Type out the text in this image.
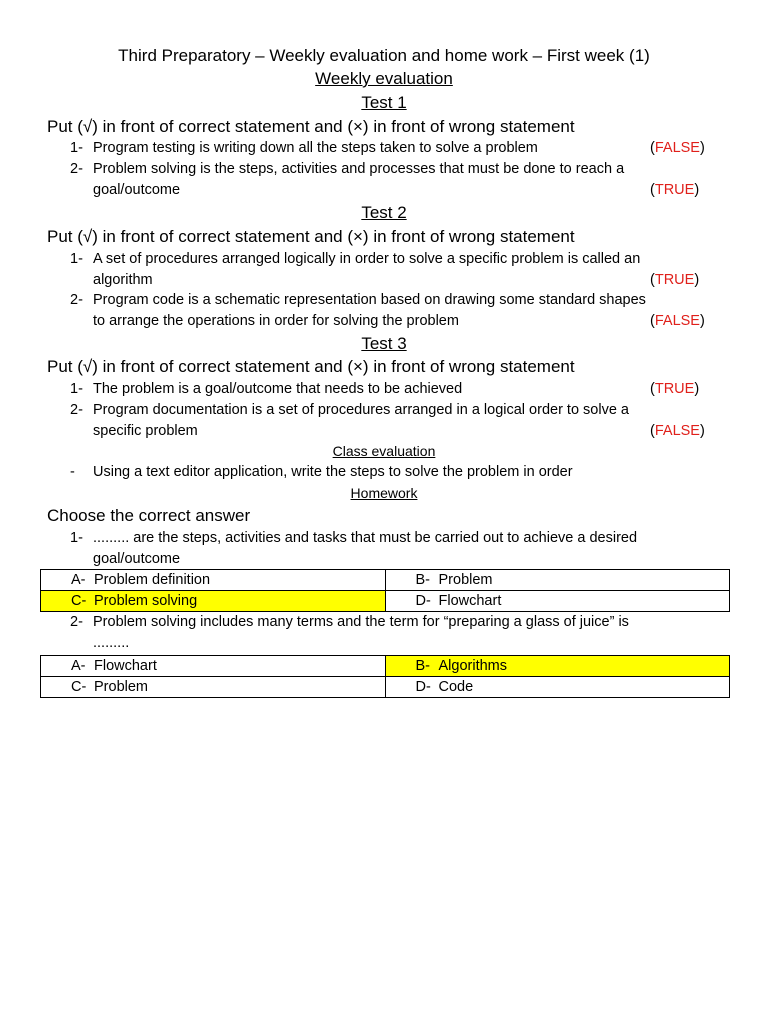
Third Preparatory – Weekly evaluation and home work – First week (1)
Weekly evaluation
Test 1
Put (√) in front of correct statement and (×) in front of wrong statement
1- Program testing is writing down all the steps taken to solve a problem	(FALSE)
2- Problem solving is the steps, activities and processes that must be done to reach a
goal/outcome	(TRUE)
Test 2
Put (√) in front of correct statement and (×) in front of wrong statement
1- A set of procedures arranged logically in order to solve a specific problem is called an
algorithm	(TRUE)
2- Program code is a schematic representation based on drawing some standard shapes
to arrange the operations in order for solving the problem	(FALSE)
Test 3
Put (√) in front of correct statement and (×) in front of wrong statement
1- The problem is a goal/outcome that needs to be achieved	(TRUE)
2- Program documentation is a set of procedures arranged in a logical order to solve a
specific problem	(FALSE)
Class evaluation
- Using a text editor application, write the steps to solve the problem in order
Homework
Choose the correct answer
1- ......... are the steps, activities and tasks that must be carried out to achieve a desired
goal/outcome
A- Problem definition	B- Problem
C- Problem solving	D- Flowchart
2- Problem solving includes many terms and the term for “preparing a glass of juice” is
.........
A- Flowchart	B- Algorithms
C- Problem	D- Code
